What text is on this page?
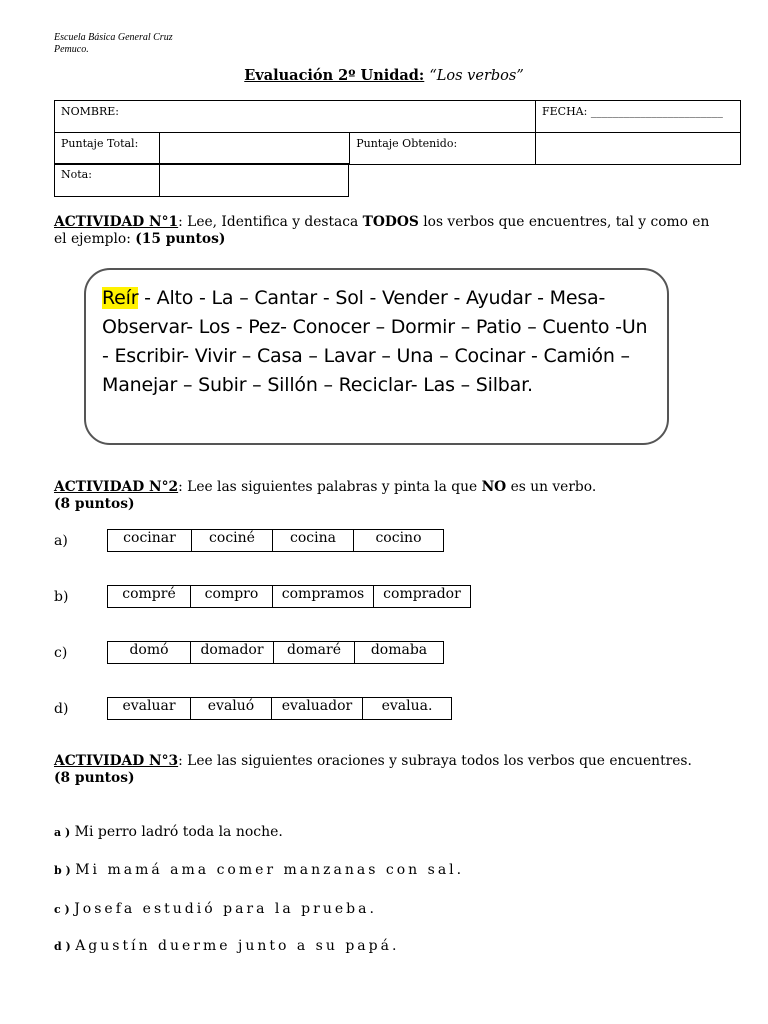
Escuela Básica General Cruz
Pemuco.
Evaluación 2º Unidad: “Los verbos”
NOMBRE:			FECHA: ________________________
Puntaje Total:		Puntaje Obtenido:	
Nota:	
ACTIVIDAD N°1: Lee, Identifica y destaca TODOS los verbos que encuentres, tal y como en el ejemplo: (15 puntos)
Reír - Alto - La – Cantar - Sol - Vender - Ayudar - Mesa- Observar- Los - Pez- Conocer – Dormir – Patio – Cuento -Un - Escribir- Vivir – Casa – Lavar – Una – Cocinar - Camión – Manejar – Subir – Sillón – Reciclar- Las – Silbar.
ACTIVIDAD N°2: Lee las siguientes palabras y pinta la que NO es un verbo.
(8 puntos)
a)	cocinar	cociné	cocina	cocino
b)	compré	compro	compramos	comprador
c)	domó	domador	domaré	domaba
d)	evaluar	evaluó	evaluador	evalua.
ACTIVIDAD N°3: Lee las siguientes oraciones y subraya todos los verbos que encuentres.
(8 puntos)
a ) Mi perro ladró toda la noche.
b ) Mi mamá ama comer manzanas con sal.
c ) Josefa estudió para la prueba.
d ) Agustín duerme junto a su papá.
